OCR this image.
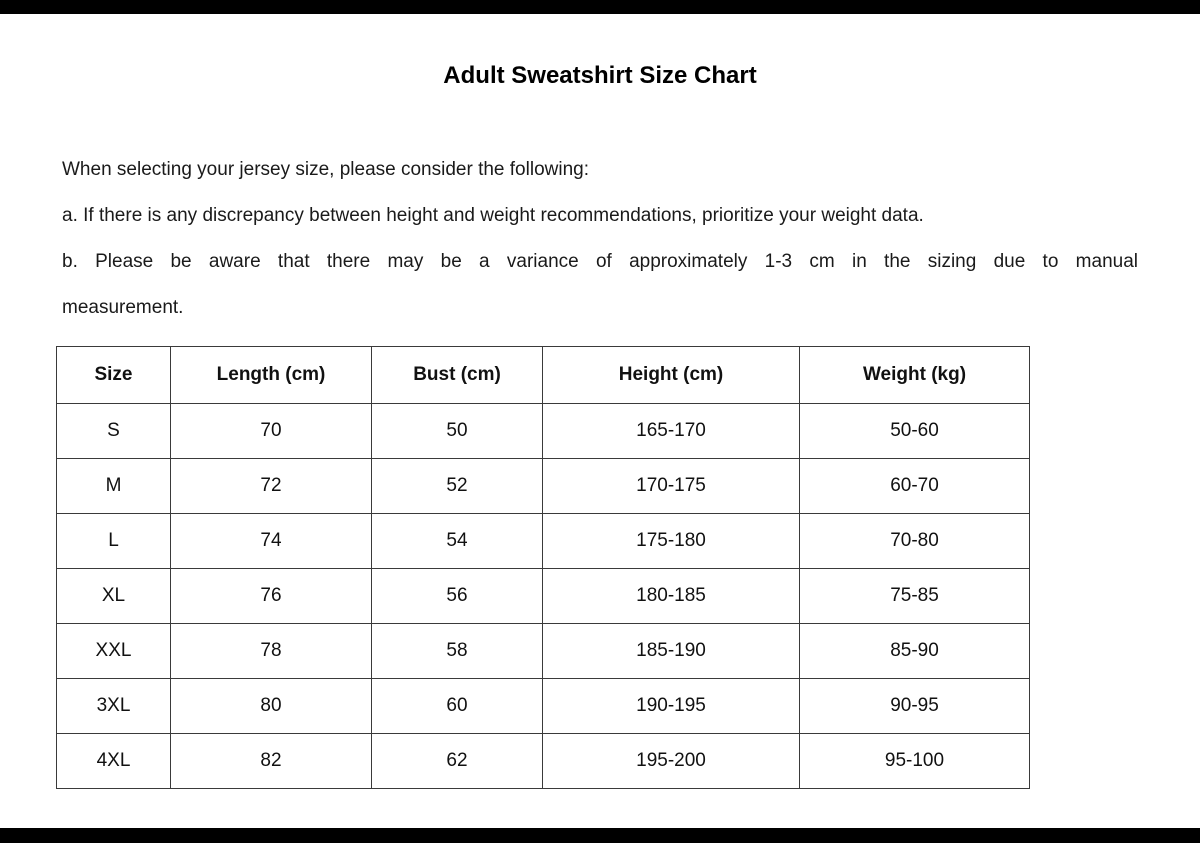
Adult Sweatshirt Size Chart

When selecting your jersey size, please consider the following:

a. If there is any discrepancy between height and weight recommendations, prioritize your weight data.

b. Please be aware that there may be a variance of approximately 1-3 cm in the sizing due to manual

measurement.

Size	Length (cm)	Bust (cm)	Height (cm)	Weight (kg)
S	70	50	165-170	50-60
M	72	52	170-175	60-70
L	74	54	175-180	70-80
XL	76	56	180-185	75-85
XXL	78	58	185-190	85-90
3XL	80	60	190-195	90-95
4XL	82	62	195-200	95-100
